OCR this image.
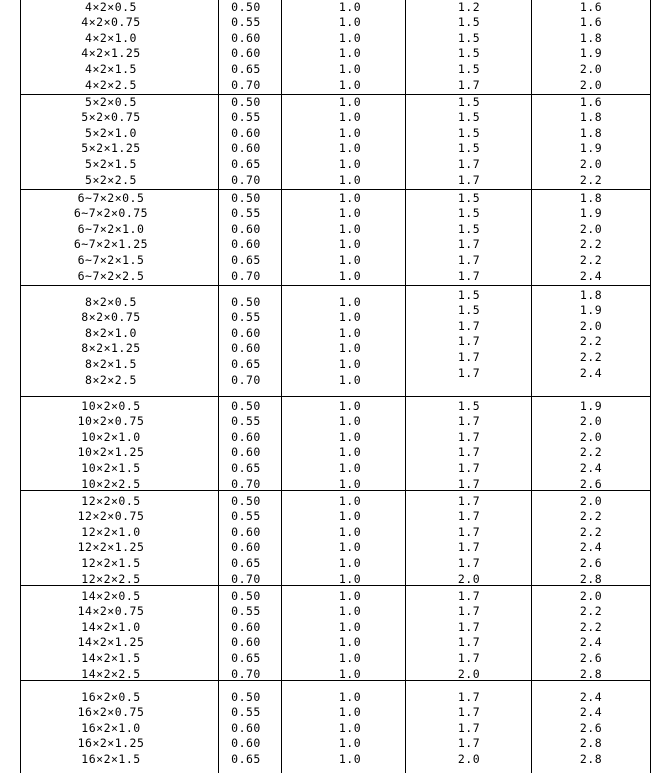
4×2×0.5	0.50	1.0	1.2	1.6
4×2×0.75	0.55	1.0	1.5	1.6
4×2×1.0	0.60	1.0	1.5	1.8
4×2×1.25	0.60	1.0	1.5	1.9
4×2×1.5	0.65	1.0	1.5	2.0
4×2×2.5	0.70	1.0	1.7	2.0
5×2×0.5	0.50	1.0	1.5	1.6
5×2×0.75	0.55	1.0	1.5	1.8
5×2×1.0	0.60	1.0	1.5	1.8
5×2×1.25	0.60	1.0	1.5	1.9
5×2×1.5	0.65	1.0	1.7	2.0
5×2×2.5	0.70	1.0	1.7	2.2
6~7×2×0.5	0.50	1.0	1.5	1.8
6~7×2×0.75	0.55	1.0	1.5	1.9
6~7×2×1.0	0.60	1.0	1.5	2.0
6~7×2×1.25	0.60	1.0	1.7	2.2
6~7×2×1.5	0.65	1.0	1.7	2.2
6~7×2×2.5	0.70	1.0	1.7	2.4
8×2×0.5	0.50	1.0	1.5	1.8
8×2×0.75	0.55	1.0	1.5	1.9
8×2×1.0	0.60	1.0	1.7	2.0
8×2×1.25	0.60	1.0	1.7	2.2
8×2×1.5	0.65	1.0	1.7	2.2
8×2×2.5	0.70	1.0	1.7	2.4
10×2×0.5	0.50	1.0	1.5	1.9
10×2×0.75	0.55	1.0	1.7	2.0
10×2×1.0	0.60	1.0	1.7	2.0
10×2×1.25	0.60	1.0	1.7	2.2
10×2×1.5	0.65	1.0	1.7	2.4
10×2×2.5	0.70	1.0	1.7	2.6
12×2×0.5	0.50	1.0	1.7	2.0
12×2×0.75	0.55	1.0	1.7	2.2
12×2×1.0	0.60	1.0	1.7	2.2
12×2×1.25	0.60	1.0	1.7	2.4
12×2×1.5	0.65	1.0	1.7	2.6
12×2×2.5	0.70	1.0	2.0	2.8
14×2×0.5	0.50	1.0	1.7	2.0
14×2×0.75	0.55	1.0	1.7	2.2
14×2×1.0	0.60	1.0	1.7	2.2
14×2×1.25	0.60	1.0	1.7	2.4
14×2×1.5	0.65	1.0	1.7	2.6
14×2×2.5	0.70	1.0	2.0	2.8
16×2×0.5	0.50	1.0	1.7	2.4
16×2×0.75	0.55	1.0	1.7	2.4
16×2×1.0	0.60	1.0	1.7	2.6
16×2×1.25	0.60	1.0	1.7	2.8
16×2×1.5	0.65	1.0	2.0	2.8
